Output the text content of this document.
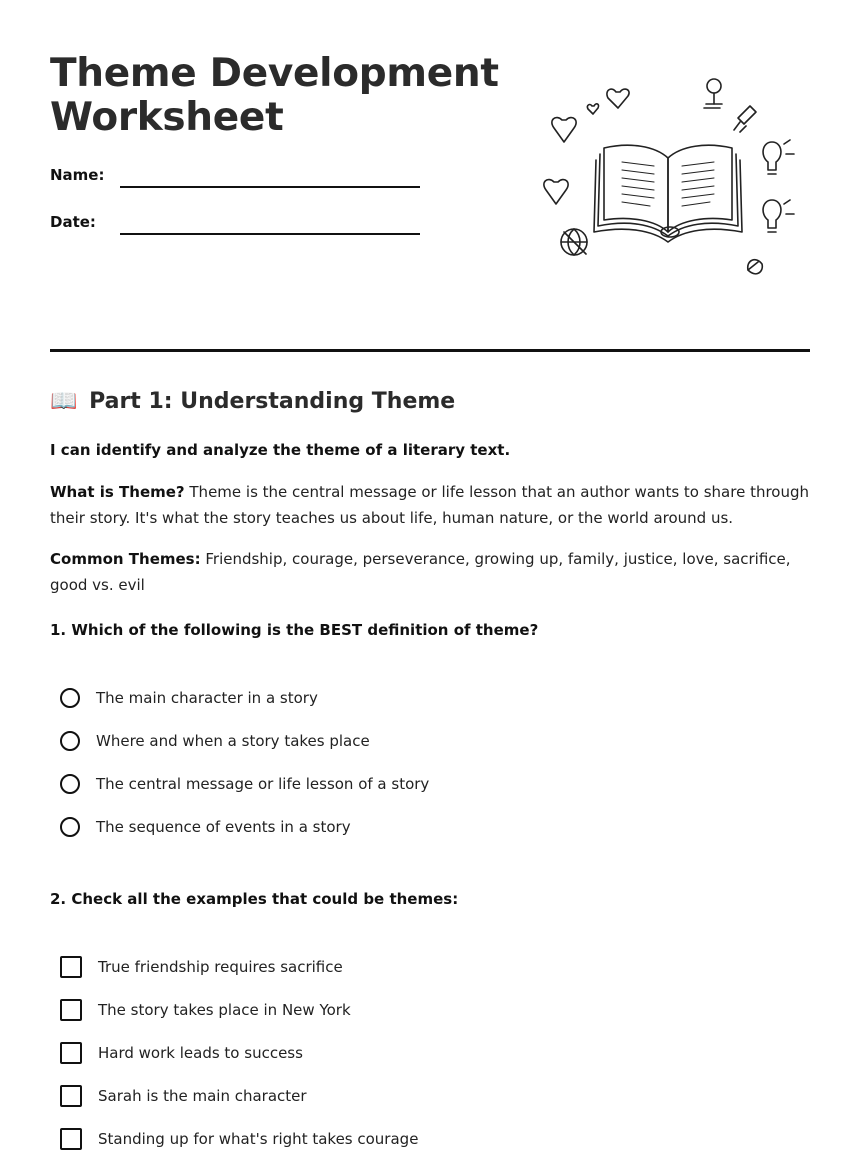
Theme Development
Worksheet
Name:
Date:
📖 Part 1: Understanding Theme
I can identify and analyze the theme of a literary text.
What is Theme? Theme is the central message or life lesson that an author wants to share through their story. It's what the story teaches us about life, human nature, or the world around us.
Common Themes: Friendship, courage, perseverance, growing up, family, justice, love, sacrifice, good vs. evil
1. Which of the following is the BEST definition of theme?
The main character in a story
Where and when a story takes place
The central message or life lesson of a story
The sequence of events in a story
2. Check all the examples that could be themes:
True friendship requires sacrifice
The story takes place in New York
Hard work leads to success
Sarah is the main character
Standing up for what's right takes courage
